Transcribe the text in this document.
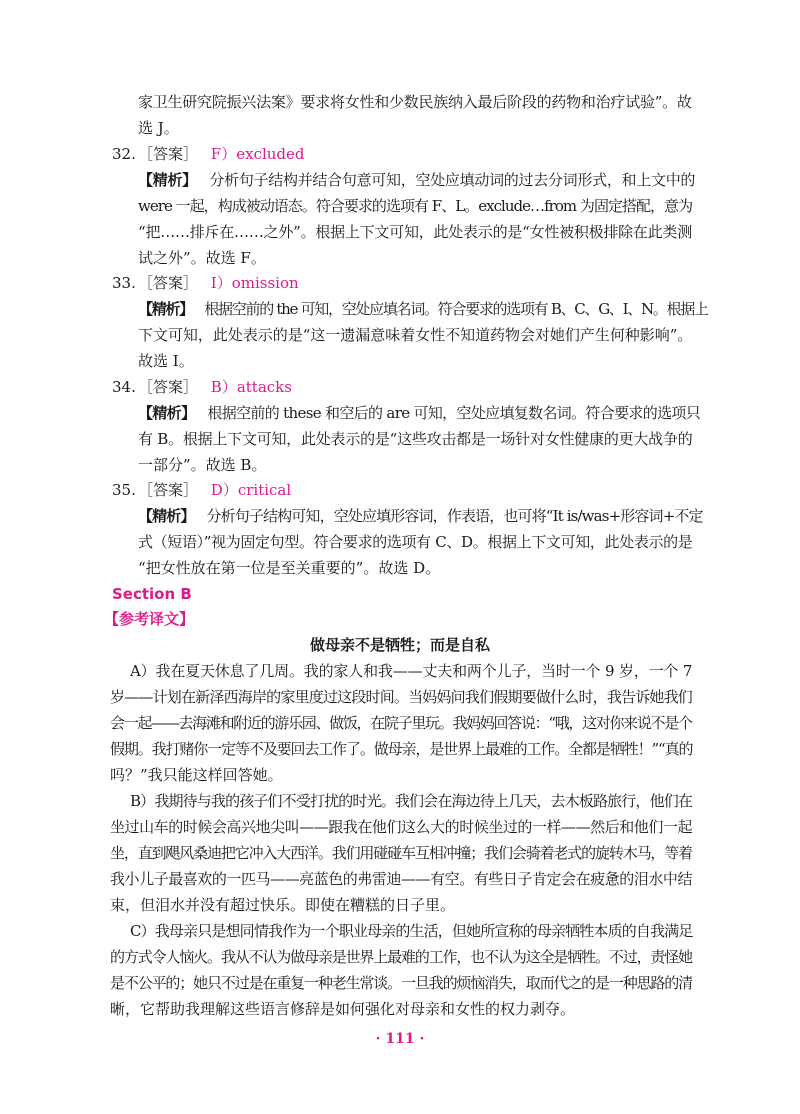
家卫生研究院振兴法案》要求将女性和少数民族纳入最后阶段的药物和治疗试验”。故
选 J。
32. ［答案］ F）excluded
【精析】 分析句子结构并结合句意可知，空处应填动词的过去分词形式，和上文中的
were 一起，构成被动语态。符合要求的选项有 F、L。exclude…from 为固定搭配，意为
“把……排斥在……之外”。根据上下文可知，此处表示的是“女性被积极排除在此类测
试之外”。故选 F。
33. ［答案］ I）omission
【精析】 根据空前的 the 可知，空处应填名词。符合要求的选项有 B、C、G、I、N。根据上
下文可知，此处表示的是“这一遗漏意味着女性不知道药物会对她们产生何种影响”。
故选 I。
34. ［答案］ B）attacks
【精析】 根据空前的 these 和空后的 are 可知，空处应填复数名词。符合要求的选项只
有 B。根据上下文可知，此处表示的是“这些攻击都是一场针对女性健康的更大战争的
一部分”。故选 B。
35. ［答案］ D）critical
【精析】 分析句子结构可知，空处应填形容词，作表语，也可将“It is/was+形容词+不定
式（短语）”视为固定句型。符合要求的选项有 C、D。根据上下文可知，此处表示的是
“把女性放在第一位是至关重要的”。故选 D。
Section B
【参考译文】
做母亲不是牺牲；而是自私
A）我在夏天休息了几周。我的家人和我——丈夫和两个儿子，当时一个 9 岁，一个 7
岁——计划在新泽西海岸的家里度过这段时间。当妈妈问我们假期要做什么时，我告诉她我们
会一起——去海滩和附近的游乐园、做饭，在院子里玩。我妈妈回答说：“哦，这对你来说不是个
假期。我打赌你一定等不及要回去工作了。做母亲，是世界上最难的工作。全都是牺牲！”“真的
吗？”我只能这样回答她。
B）我期待与我的孩子们不受打扰的时光。我们会在海边待上几天，去木板路旅行，他们在
坐过山车的时候会高兴地尖叫——跟我在他们这么大的时候坐过的一样——然后和他们一起
坐，直到飓风桑迪把它冲入大西洋。我们用碰碰车互相冲撞；我们会骑着老式的旋转木马，等着
我小儿子最喜欢的一匹马——亮蓝色的弗雷迪——有空。有些日子肯定会在疲惫的泪水中结
束，但泪水并没有超过快乐。即使在糟糕的日子里。
C）我母亲只是想同情我作为一个职业母亲的生活，但她所宣称的母亲牺牲本质的自我满足
的方式令人恼火。我从不认为做母亲是世界上最难的工作，也不认为这全是牺牲。不过，责怪她
是不公平的；她只不过是在重复一种老生常谈。一旦我的烦恼消失，取而代之的是一种思路的清
晰，它帮助我理解这些语言修辞是如何强化对母亲和女性的权力剥夺。
· 111 ·
